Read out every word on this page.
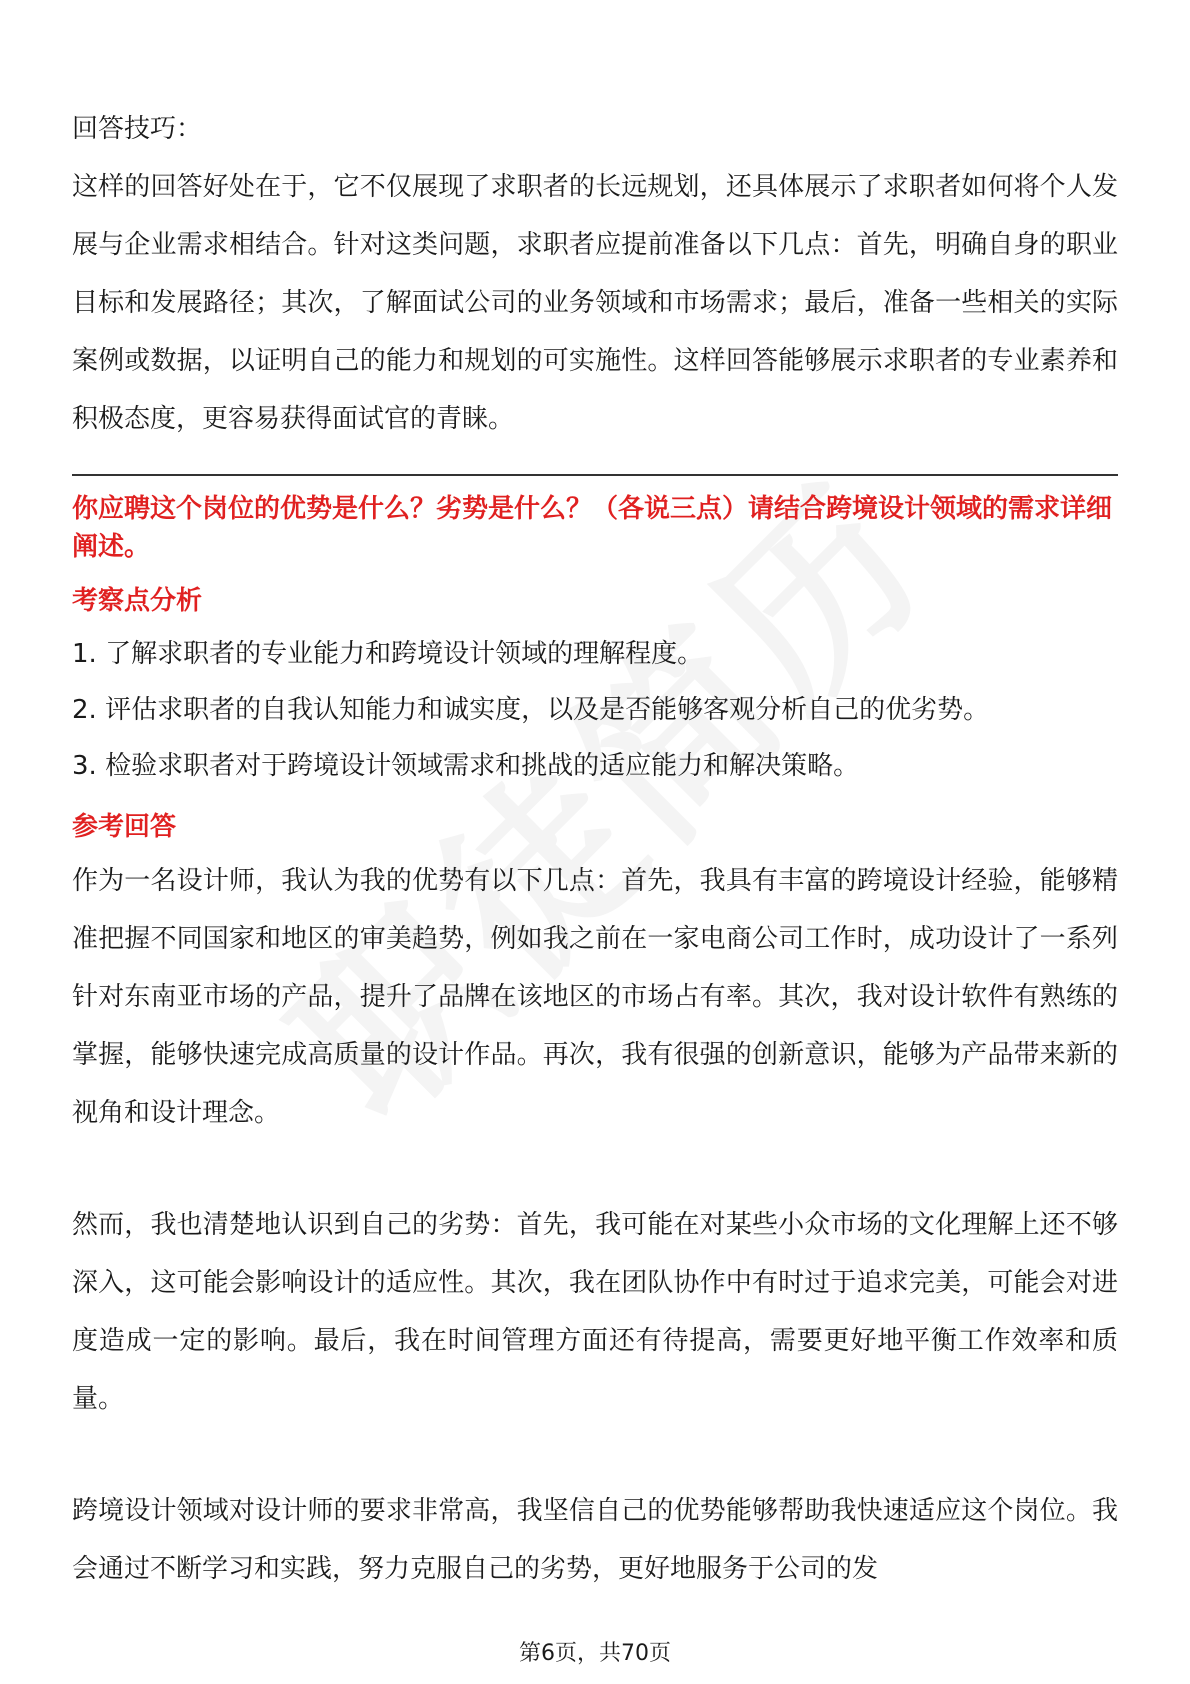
回答技巧：

这样的回答好处在于，它不仅展现了求职者的长远规划，还具体展示了求职者如何将个人发展与企业需求相结合。针对这类问题，求职者应提前准备以下几点：首先，明确自身的职业目标和发展路径；其次，了解面试公司的业务领域和市场需求；最后，准备一些相关的实际案例或数据，以证明自己的能力和规划的可实施性。这样回答能够展示求职者的专业素养和积极态度，更容易获得面试官的青睐。

你应聘这个岗位的优势是什么？劣势是什么？（各说三点）请结合跨境设计领域的需求详细阐述。

考察点分析

1. 了解求职者的专业能力和跨境设计领域的理解程度。
2. 评估求职者的自我认知能力和诚实度，以及是否能够客观分析自己的优劣势。
3. 检验求职者对于跨境设计领域需求和挑战的适应能力和解决策略。

参考回答

作为一名设计师，我认为我的优势有以下几点：首先，我具有丰富的跨境设计经验，能够精准把握不同国家和地区的审美趋势，例如我之前在一家电商公司工作时，成功设计了一系列针对东南亚市场的产品，提升了品牌在该地区的市场占有率。其次，我对设计软件有熟练的掌握，能够快速完成高质量的设计作品。再次，我有很强的创新意识，能够为产品带来新的视角和设计理念。

然而，我也清楚地认识到自己的劣势：首先，我可能在对某些小众市场的文化理解上还不够深入，这可能会影响设计的适应性。其次，我在团队协作中有时过于追求完美，可能会对进度造成一定的影响。最后，我在时间管理方面还有待提高，需要更好地平衡工作效率和质量。

跨境设计领域对设计师的要求非常高，我坚信自己的优势能够帮助我快速适应这个岗位。我会通过不断学习和实践，努力克服自己的劣势，更好地服务于公司的发

第6页，共70页
